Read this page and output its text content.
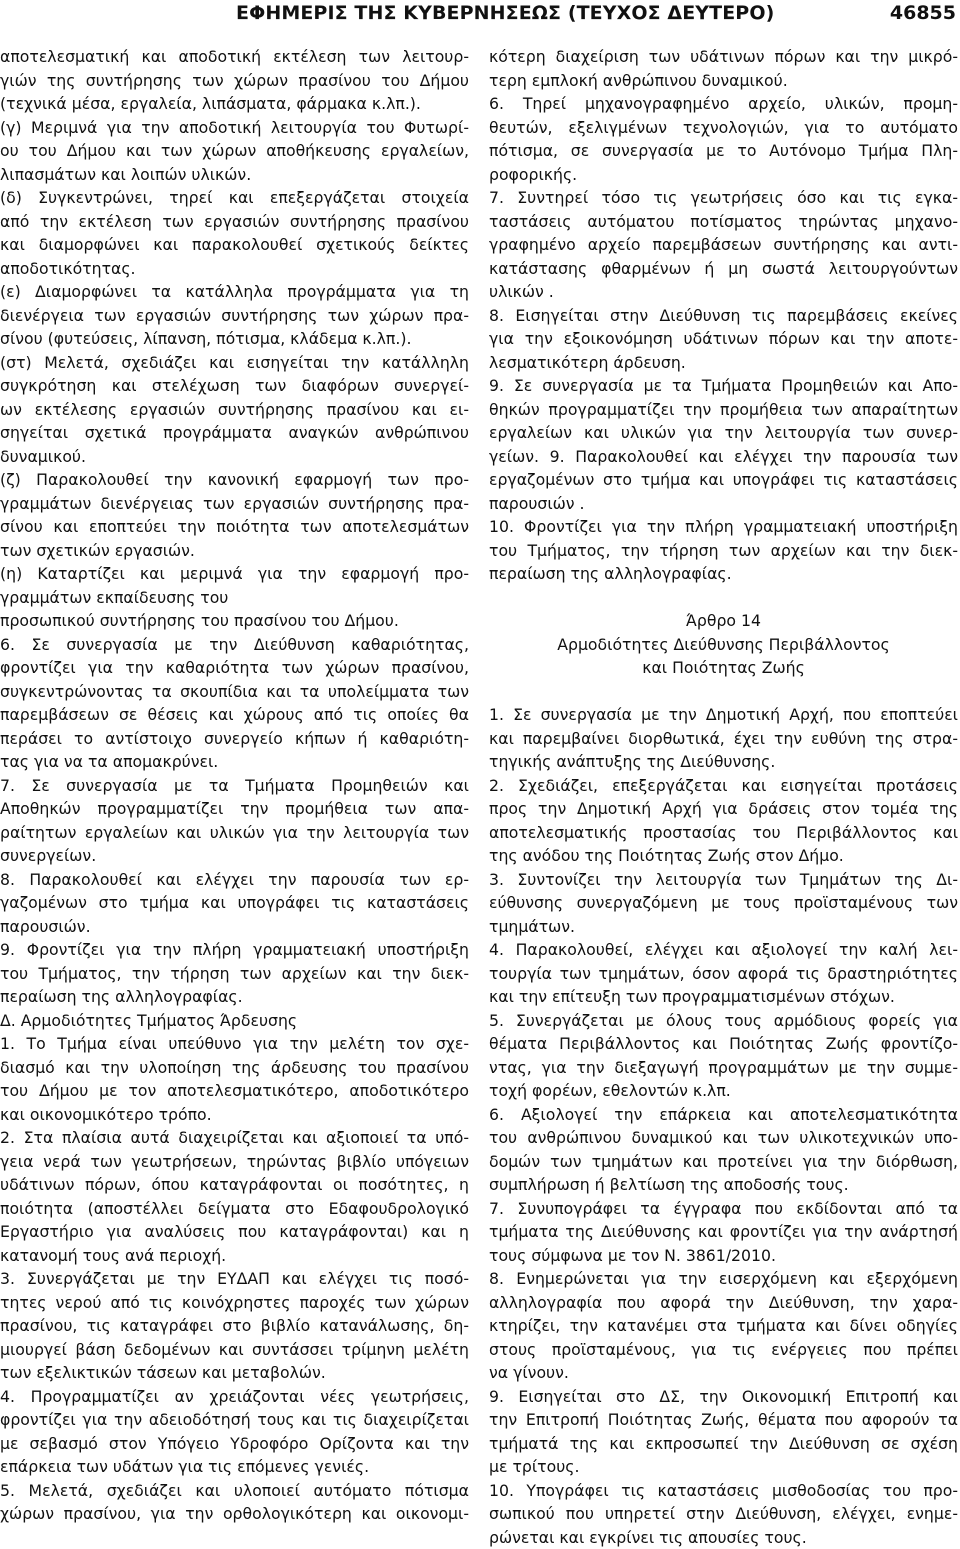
ΕΦΗΜΕΡΙΣ ΤΗΣ ΚΥΒΕΡΝΗΣΕΩΣ (ΤΕΥΧΟΣ ΔΕΥΤΕΡΟ)	46855
αποτελεσματική και αποδοτική εκτέλεση των λειτουρ‐
γιών της συντήρησης των χώρων πρασίνου του Δήμου
(τεχνικά μέσα, εργαλεία, λιπάσματα, φάρμακα κ.λπ.).
(γ) Μεριμνά για την αποδοτική λειτουργία του Φυτωρί‐
ου του Δήμου και των χώρων αποθήκευσης εργαλείων,
λιπασμάτων και λοιπών υλικών.
(δ) Συγκεντρώνει, τηρεί και επεξεργάζεται στοιχεία
από την εκτέλεση των εργασιών συντήρησης πρασίνου
και διαμορφώνει και παρακολουθεί σχετικούς δείκτες
αποδοτικότητας.
(ε) Διαμορφώνει τα κατάλληλα προγράμματα για τη
διενέργεια των εργασιών συντήρησης των χώρων πρα‐
σίνου (φυτεύσεις, λίπανση, πότισμα, κλάδεμα κ.λπ.).
(στ) Μελετά, σχεδιάζει και εισηγείται την κατάλληλη
συγκρότηση και στελέχωση των διαφόρων συνεργεί‐
ων εκτέλεσης εργασιών συντήρησης πρασίνου και ει‐
σηγείται σχετικά προγράμματα αναγκών ανθρώπινου
δυναμικού.
(ζ) Παρακολουθεί την κανονική εφαρμογή των προ‐
γραμμάτων διενέργειας των εργασιών συντήρησης πρα‐
σίνου και εποπτεύει την ποιότητα των αποτελεσμάτων
των σχετικών εργασιών.
(η) Καταρτίζει και μεριμνά για την εφαρμογή προ‐
γραμμάτων εκπαίδευσης του
προσωπικού συντήρησης του πρασίνου του Δήμου.
6. Σε συνεργασία με την Διεύθυνση καθαριότητας,
φροντίζει για την καθαριότητα των χώρων πρασίνου,
συγκεντρώνοντας τα σκουπίδια και τα υπολείμματα των
παρεμβάσεων σε θέσεις και χώρους από τις οποίες θα
περάσει το αντίστοιχο συνεργείο κήπων ή καθαριότη‐
τας για να τα απομακρύνει.
7. Σε συνεργασία με τα Τμήματα Προμηθειών και
Αποθηκών προγραμματίζει την προμήθεια των απα‐
ραίτητων εργαλείων και υλικών για την λειτουργία των
συνεργείων.
8. Παρακολουθεί και ελέγχει την παρουσία των ερ‐
γαζομένων στο τμήμα και υπογράφει τις καταστάσεις
παρουσιών.
9. Φροντίζει για την πλήρη γραμματειακή υποστήριξη
του Τμήματος, την τήρηση των αρχείων και την διεκ‐
περαίωση της αλληλογραφίας.
Δ. Αρμοδιότητες Τμήματος Άρδευσης
1. Το Τμήμα είναι υπεύθυνο για την μελέτη τον σχε‐
διασμό και την υλοποίηση της άρδευσης του πρασίνου
του Δήμου με τον αποτελεσματικότερο, αποδοτικότερο
και οικονομικότερο τρόπο.
2. Στα πλαίσια αυτά διαχειρίζεται και αξιοποιεί τα υπό‐
γεια νερά των γεωτρήσεων, τηρώντας βιβλίο υπόγειων
υδάτινων πόρων, όπου καταγράφονται οι ποσότητες, η
ποιότητα (αποστέλλει δείγματα στο Εδαφουδρολογικό
Εργαστήριο για αναλύσεις που καταγράφονται) και η
κατανομή τους ανά περιοχή.
3. Συνεργάζεται με την ΕΥΔΑΠ και ελέγχει τις ποσό‐
τητες νερού από τις κοινόχρηστες παροχές των χώρων
πρασίνου, τις καταγράφει στο βιβλίο κατανάλωσης, δη‐
μιουργεί βάση δεδομένων και συντάσσει τρίμηνη μελέτη
των εξελικτικών τάσεων και μεταβολών.
4. Προγραμματίζει αν χρειάζονται νέες γεωτρήσεις,
φροντίζει για την αδειοδότησή τους και τις διαχειρίζεται
με σεβασμό στον Υπόγειο Υδροφόρο Ορίζοντα και την
επάρκεια των υδάτων για τις επόμενες γενιές.
5. Μελετά, σχεδιάζει και υλοποιεί αυτόματο πότισμα
χώρων πρασίνου, για την ορθολογικότερη και οικονομι‐
κότερη διαχείριση των υδάτινων πόρων και την μικρό‐
τερη εμπλοκή ανθρώπινου δυναμικού.
6. Τηρεί μηχανογραφημένο αρχείο, υλικών, προμη‐
θευτών, εξελιγμένων τεχνολογιών, για το αυτόματο
πότισμα, σε συνεργασία με το Αυτόνομο Τμήμα Πλη‐
ροφορικής.
7. Συντηρεί τόσο τις γεωτρήσεις όσο και τις εγκα‐
ταστάσεις αυτόματου ποτίσματος τηρώντας μηχανο‐
γραφημένο αρχείο παρεμβάσεων συντήρησης και αντι‐
κατάστασης φθαρμένων ή μη σωστά λειτουργούντων
υλικών .
8. Εισηγείται στην Διεύθυνση τις παρεμβάσεις εκείνες
για την εξοικονόμηση υδάτινων πόρων και την αποτε‐
λεσματικότερη άρδευση.
9. Σε συνεργασία με τα Τμήματα Προμηθειών και Απο‐
θηκών προγραμματίζει την προμήθεια των απαραίτητων
εργαλείων και υλικών για την λειτουργία των συνερ‐
γείων. 9. Παρακολουθεί και ελέγχει την παρουσία των
εργαζομένων στο τμήμα και υπογράφει τις καταστάσεις
παρουσιών .
10. Φροντίζει για την πλήρη γραμματειακή υποστήριξη
του Τμήματος, την τήρηση των αρχείων και την διεκ‐
περαίωση της αλληλογραφίας.
Άρθρο 14
Αρμοδιότητες Διεύθυνσης Περιβάλλοντος
και Ποιότητας Ζωής
1. Σε συνεργασία με την Δημοτική Αρχή, που εποπτεύει
και παρεμβαίνει διορθωτικά, έχει την ευθύνη της στρα‐
τηγικής ανάπτυξης της Διεύθυνσης.
2. Σχεδιάζει, επεξεργάζεται και εισηγείται προτάσεις
προς την Δημοτική Αρχή για δράσεις στον τομέα της
αποτελεσματικής προστασίας του Περιβάλλοντος και
της ανόδου της Ποιότητας Ζωής στον Δήμο.
3. Συντονίζει την λειτουργία των Τμημάτων της Δι‐
εύθυνσης συνεργαζόμενη με τους προϊσταμένους των
τμημάτων.
4. Παρακολουθεί, ελέγχει και αξιολογεί την καλή λει‐
τουργία των τμημάτων, όσον αφορά τις δραστηριότητες
και την επίτευξη των προγραμματισμένων στόχων.
5. Συνεργάζεται με όλους τους αρμόδιους φορείς για
θέματα Περιβάλλοντος και Ποιότητας Ζωής φροντίζο‐
ντας, για την διεξαγωγή προγραμμάτων με την συμμε‐
τοχή φορέων, εθελοντών κ.λπ.
6. Αξιολογεί την επάρκεια και αποτελεσματικότητα
του ανθρώπινου δυναμικού και των υλικοτεχνικών υπο‐
δομών των τμημάτων και προτείνει για την διόρθωση,
συμπλήρωση ή βελτίωση της αποδοσής τους.
7. Συνυπογράφει τα έγγραφα που εκδίδονται από τα
τμήματα της Διεύθυνσης και φροντίζει για την ανάρτησή
τους σύμφωνα με τον Ν. 3861/2010.
8. Ενημερώνεται για την εισερχόμενη και εξερχόμενη
αλληλογραφία που αφορά την Διεύθυνση, την χαρα‐
κτηρίζει, την κατανέμει στα τμήματα και δίνει οδηγίες
στους προϊσταμένους, για τις ενέργειες που πρέπει
να γίνουν.
9. Εισηγείται στο ΔΣ, την Οικονομική Επιτροπή και
την Επιτροπή Ποιότητας Ζωής, θέματα που αφορούν τα
τμήματά της και εκπροσωπεί την Διεύθυνση σε σχέση
με τρίτους.
10. Υπογράφει τις καταστάσεις μισθοδοσίας του προ‐
σωπικού που υπηρετεί στην Διεύθυνση, ελέγχει, ενημε‐
ρώνεται και εγκρίνει τις απουσίες τους.
